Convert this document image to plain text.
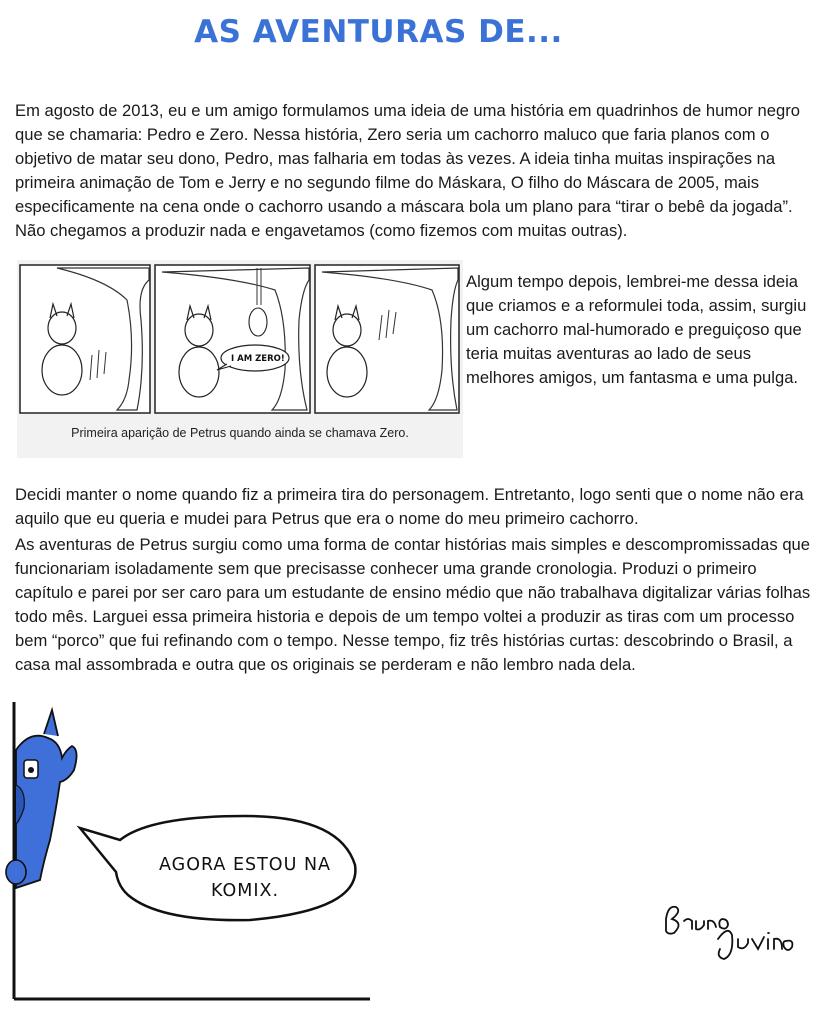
AS AVENTURAS DE...

Em agosto de 2013, eu e um amigo formulamos uma ideia de uma história em quadrinhos de humor negro que se chamaria: Pedro e Zero. Nessa história, Zero seria um cachorro maluco que faria planos com o objetivo de matar seu dono, Pedro, mas falharia em todas às vezes. A ideia tinha muitas inspirações na primeira animação de Tom e Jerry e no segundo filme do Máskara, O filho do Máscara de 2005, mais especificamente na cena onde o cachorro usando a máscara bola um plano para “tirar o bebê da jogada”. Não chegamos a produzir nada e engavetamos (como fizemos com muitas outras).

I AM ZERO!
Primeira aparição de Petrus quando ainda se chamava Zero.

Algum tempo depois, lembrei-me dessa ideia que criamos e a reformulei toda, assim, surgiu um cachorro mal-humorado e preguiçoso que teria muitas aventuras ao lado de seus melhores amigos, um fantasma e uma pulga.

Decidi manter o nome quando fiz a primeira tira do personagem. Entretanto, logo senti que o nome não era aquilo que eu queria e mudei para Petrus que era o nome do meu primeiro cachorro.

As aventuras de Petrus surgiu como uma forma de contar histórias mais simples e descompromissadas que funcionariam isoladamente sem que precisasse conhecer uma grande cronologia. Produzi o primeiro capítulo e parei por ser caro para um estudante de ensino médio que não trabalhava digitalizar várias folhas todo mês. Larguei essa primeira historia e depois de um tempo voltei a produzir as tiras com um processo bem “porco” que fui refinando com o tempo. Nesse tempo, fiz três histórias curtas: descobrindo o Brasil, a casa mal assombrada e outra que os originais se perderam e não lembro nada dela.

AGORA ESTOU NA KOMIX.
